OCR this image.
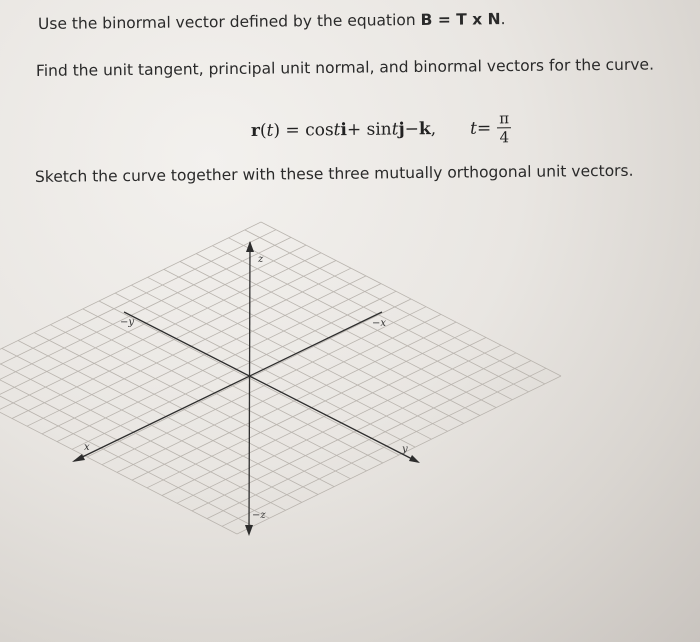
Use the binormal vector defined by the equation B = T x N.
Find the unit tangent, principal unit normal, and binormal vectors for the curve.
r ( t ) = cos t i + sin t j − k , $t = \frac{\pi}{4}$
Sketch the curve together with these three mutually orthogonal unit vectors.
z
−y	−x
x	y
−z
